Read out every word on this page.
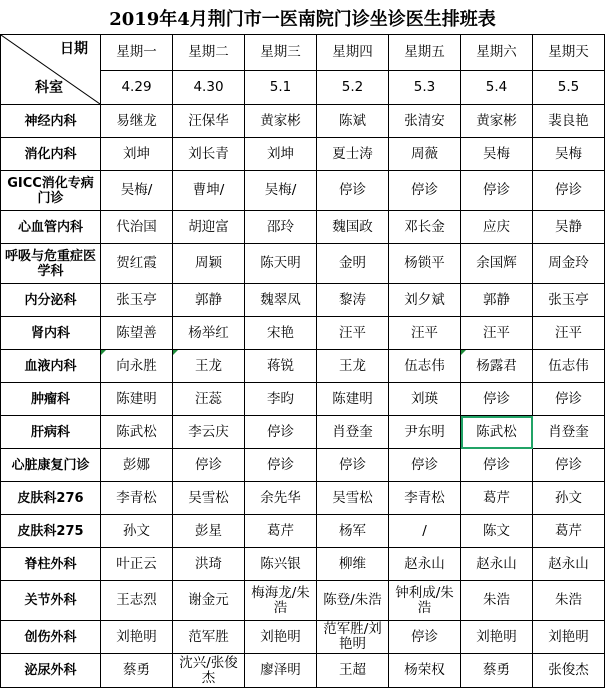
2019年4月荆门市一医南院门诊坐诊医生排班表
日期
科室	星期一	星期二	星期三	星期四	星期五	星期六	星期天
	4.29	4.30	5.1	5.2	5.3	5.4	5.5
神经内科	易继龙	汪保华	黄家彬	陈斌	张清安	黄家彬	裴良艳
消化内科	刘坤	刘长青	刘坤	夏士涛	周薇	吴梅	吴梅
GICC消化专病门诊	吴梅/	曹坤/	吴梅/	停诊	停诊	停诊	停诊
心血管内科	代治国	胡迎富	邵玲	魏国政	邓长金	应庆	吴静
呼吸与危重症医学科	贺红霞	周颖	陈天明	金明	杨锁平	余国辉	周金玲
内分泌科	张玉亭	郭静	魏翠凤	黎涛	刘夕斌	郭静	张玉亭
肾内科	陈望善	杨举红	宋艳	汪平	汪平	汪平	汪平
血液内科	向永胜	王龙	蒋锐	王龙	伍志伟	杨露君	伍志伟
肿瘤科	陈建明	汪蕊	李昀	陈建明	刘瑛	停诊	停诊
肝病科	陈武松	李云庆	停诊	肖登奎	尹东明	陈武松	肖登奎
心脏康复门诊	彭娜	停诊	停诊	停诊	停诊	停诊	停诊
皮肤科276	李青松	吴雪松	余先华	吴雪松	李青松	葛芹	孙文
皮肤科275	孙文	彭星	葛芹	杨军	/	陈文	葛芹
脊柱外科	叶正云	洪琦	陈兴银	柳维	赵永山	赵永山	赵永山
关节外科	王志烈	谢金元	梅海龙/朱浩	陈登/朱浩	钟利成/朱浩	朱浩	朱浩
创伤外科	刘艳明	范军胜	刘艳明	范军胜/刘艳明	停诊	刘艳明	刘艳明
泌尿外科	蔡勇	沈兴/张俊杰	廖泽明	王超	杨荣权	蔡勇	张俊杰
